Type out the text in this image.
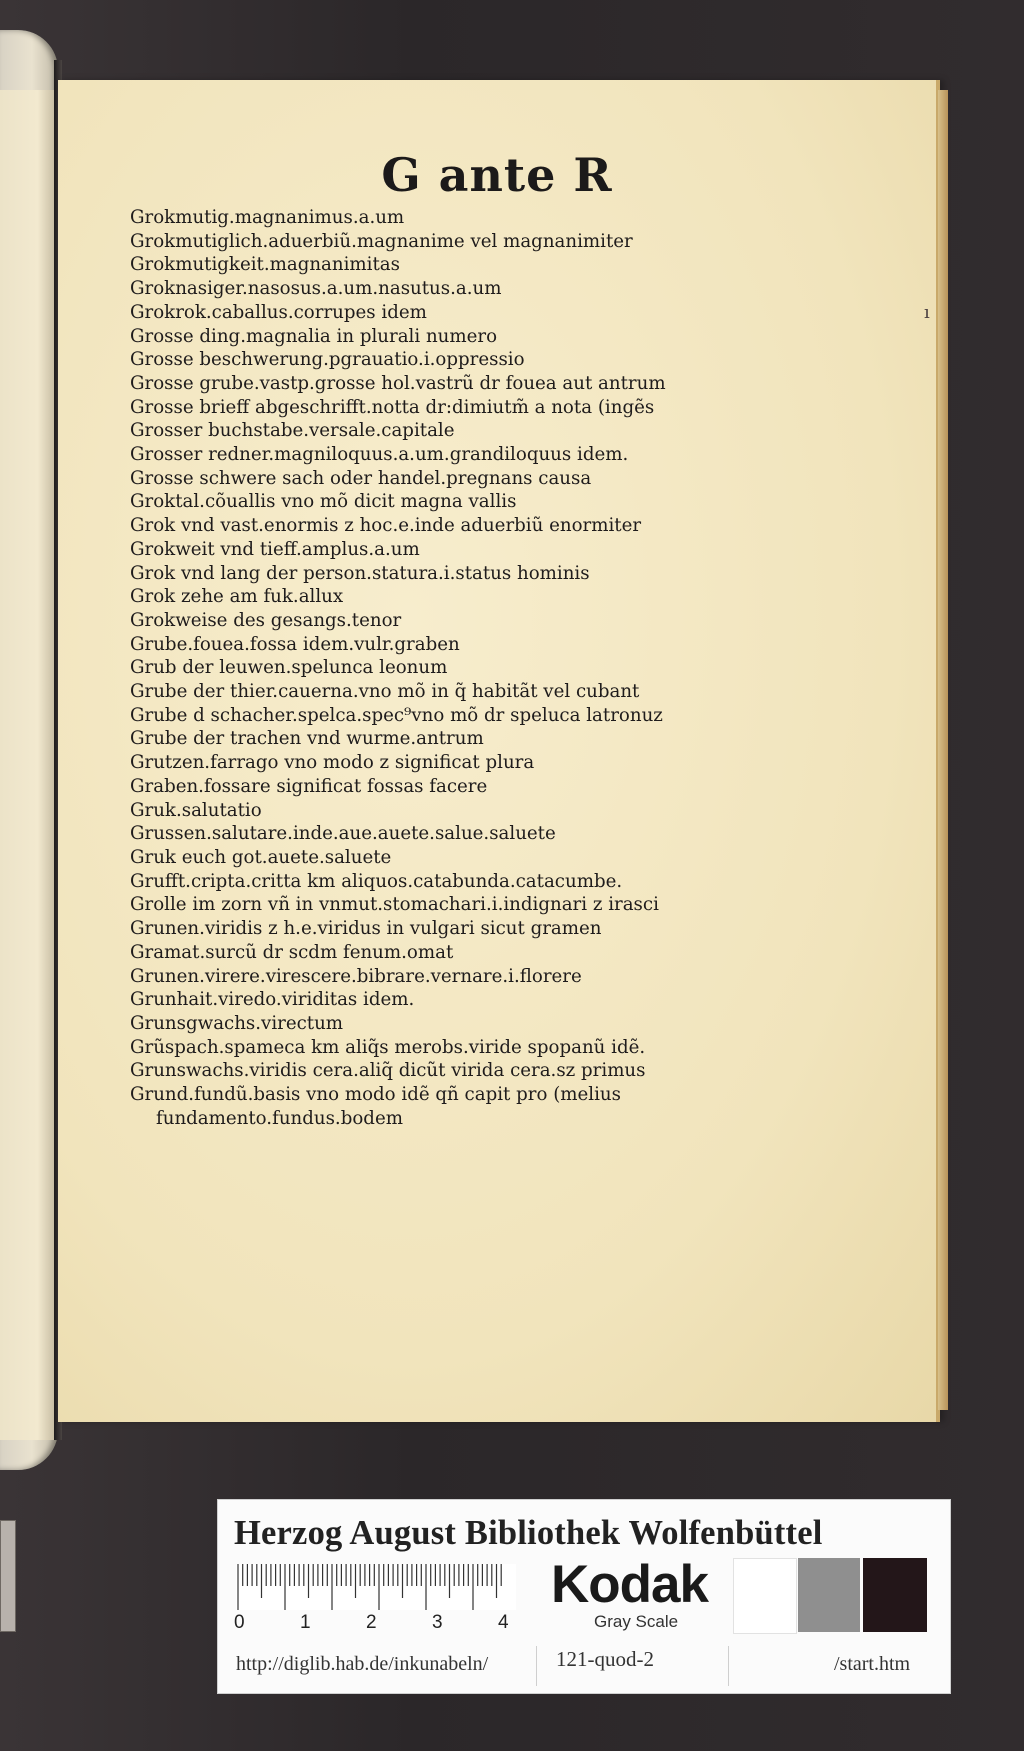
G ante R
Grokmutig.magnanimus.a.um
Grokmutiglich.aduerbiũ.magnanime vel magnanimiter
Grokmutigkeit.magnanimitas
Groknasiger.nasosus.a.um.nasutus.a.um
Grokrok.caballus.corrupes idem
Grosse ding.magnalia in plurali numero
Grosse beschwerung.pgrauatio.i.oppressio
Grosse grube.vastp.grosse hol.vastrũ dr fouea aut antrum
Grosse brieff abgeschrifft.notta dr:dimiutm̃ a nota (ingẽs
Grosser buchstabe.versale.capitale
Grosser redner.magniloquus.a.um.grandiloquus idem.
Grosse schwere sach oder handel.pregnans causa
Groktal.cõuallis vno mõ dicit magna vallis
Grok vnd vast.enormis z hoc.e.inde aduerbiũ enormiter
Grokweit vnd tieff.amplus.a.um
Grok vnd lang der person.statura.i.status hominis
Grok zehe am fuk.allux
Grokweise des gesangs.tenor
Grube.fouea.fossa idem.vulr.graben
Grub der leuwen.spelunca leonum
Grube der thier.cauerna.vno mõ in q̃ habitãt vel cubant
Grube d schacher.spelca.spec⁹vno mõ dr speluca latronuz
Grube der trachen vnd wurme.antrum
Grutzen.farrago vno modo z significat plura
Graben.fossare significat fossas facere
Gruk.salutatio
Grussen.salutare.inde.aue.auete.salue.saluete
Gruk euch got.auete.saluete
Grufft.cripta.critta km aliquos.catabunda.catacumbe.
Grolle im zorn vñ in vnmut.stomachari.i.indignari z irasci
Grunen.viridis z h.e.viridus in vulgari sicut gramen
Gramat.surcũ dr scdm fenum.omat
Grunen.virere.virescere.bibrare.vernare.i.florere
Grunhait.viredo.viriditas idem.
Grunsgwachs.virectum
Grũspach.spameca km aliq̃s merobs.viride spopanũ idẽ.
Grunswachs.viridis cera.aliq̃ dicũt virida cera.sz primus
Grund.fundũ.basis vno modo idẽ qñ capit pro (melius
fundamento.fundus.bodem
ı
Herzog August Bibliothek Wolfenbüttel
0	1	2	3	4
Kodak
Gray Scale
http://diglib.hab.de/inkunabeln/	121-quod-2	/start.htm
